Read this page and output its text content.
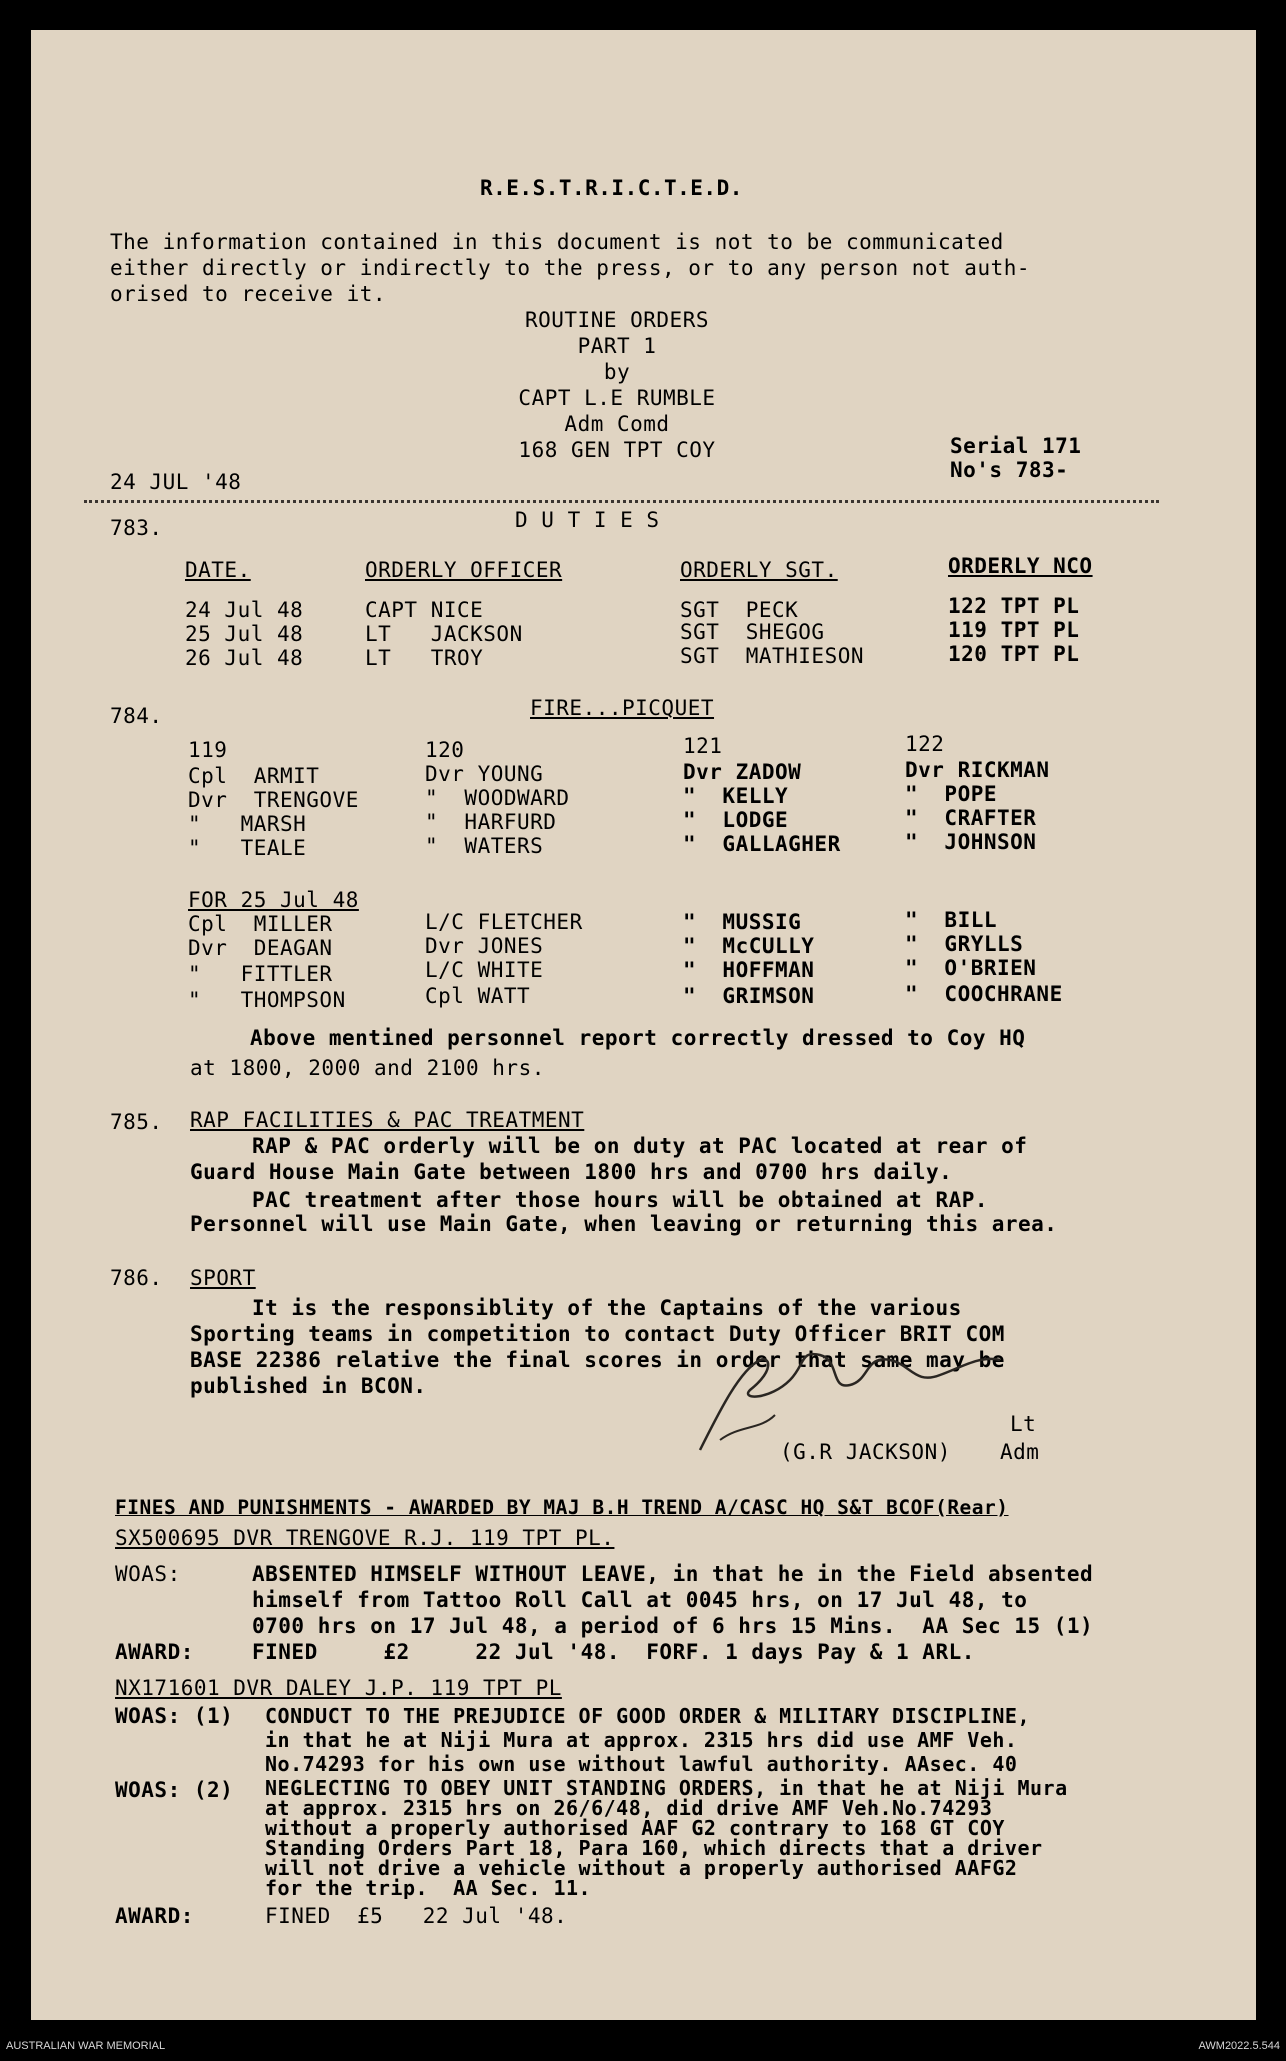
R.E.S.T.R.I.C.T.E.D.
The information contained in this document is not to be communicated
either directly or indirectly to the press, or to any person not auth-
orised to receive it.
ROUTINE ORDERS
PART 1
by
CAPT L.E RUMBLE
Adm Comd
168 GEN TPT COY	Serial 171
No's 783-
24 JUL '48
783.	D U T I E S
DATE.	ORDERLY OFFICER	ORDERLY SGT.	ORDERLY NCO
24 Jul 48	CAPT NICE	SGT  PECK	122 TPT PL
25 Jul 48	LT   JACKSON	SGT  SHEGOG	119 TPT PL
26 Jul 48	LT   TROY	SGT  MATHIESON	120 TPT PL
784.	FIRE...PICQUET
119	120	121	122
Cpl  ARMIT	Dvr YOUNG	Dvr ZADOW	Dvr RICKMAN
Dvr  TRENGOVE	"  WOODWARD	"  KELLY	"  POPE
"   MARSH	"  HARFURD	"  LODGE	"  CRAFTER
"   TEALE	"  WATERS	"  GALLAGHER	"  JOHNSON
FOR 25 Jul 48
Cpl  MILLER	L/C FLETCHER	"  MUSSIG	"  BILL
Dvr  DEAGAN	Dvr JONES	"  McCULLY	"  GRYLLS
"   FITTLER	L/C WHITE	"  HOFFMAN	"  O'BRIEN
"   THOMPSON	Cpl WATT	"  GRIMSON	"  COOCHRANE
Above mentined personnel report correctly dressed to Coy HQ
at 1800, 2000 and 2100 hrs.
785. RAP FACILITIES & PAC TREATMENT
RAP & PAC orderly will be on duty at PAC located at rear of
Guard House Main Gate between 1800 hrs and 0700 hrs daily.
PAC treatment after those hours will be obtained at RAP.
Personnel will use Main Gate, when leaving or returning this area.
786. SPORT
It is the responsiblity of the Captains of the various
Sporting teams in competition to contact Duty Officer BRIT COM
BASE 22386 relative the final scores in order that same may be
published in BCON.
Lt
(G.R JACKSON) Adm
FINES AND PUNISHMENTS - AWARDED BY MAJ B.H TREND A/CASC HQ S&T BCOF(Rear)
SX500695 DVR TRENGOVE R.J. 119 TPT PL.
WOAS:	ABSENTED HIMSELF WITHOUT LEAVE, in that he in the Field absented
himself from Tattoo Roll Call at 0045 hrs, on 17 Jul 48, to
0700 hrs on 17 Jul 48, a period of 6 hrs 15 Mins.  AA Sec 15 (1)
AWARD:	FINED     £2     22 Jul '48.  FORF. 1 days Pay & 1 ARL.
NX171601 DVR DALEY J.P. 119 TPT PL
WOAS: (1) CONDUCT TO THE PREJUDICE OF GOOD ORDER & MILITARY DISCIPLINE,
in that he at Niji Mura at approx. 2315 hrs did use AMF Veh.
No.74293 for his own use without lawful authority. AAsec. 40
WOAS: (2) NEGLECTING TO OBEY UNIT STANDING ORDERS, in that he at Niji Mura
at approx. 2315 hrs on 26/6/48, did drive AMF Veh.No.74293
without a properly authorised AAF G2 contrary to 168 GT COY
Standing Orders Part 18, Para 160, which directs that a driver
will not drive a vehicle without a properly authorised AAFG2
for the trip.  AA Sec. 11.
AWARD:	FINED  £5   22 Jul '48.
AUSTRALIAN WAR MEMORIAL	AWM2022.5.544
